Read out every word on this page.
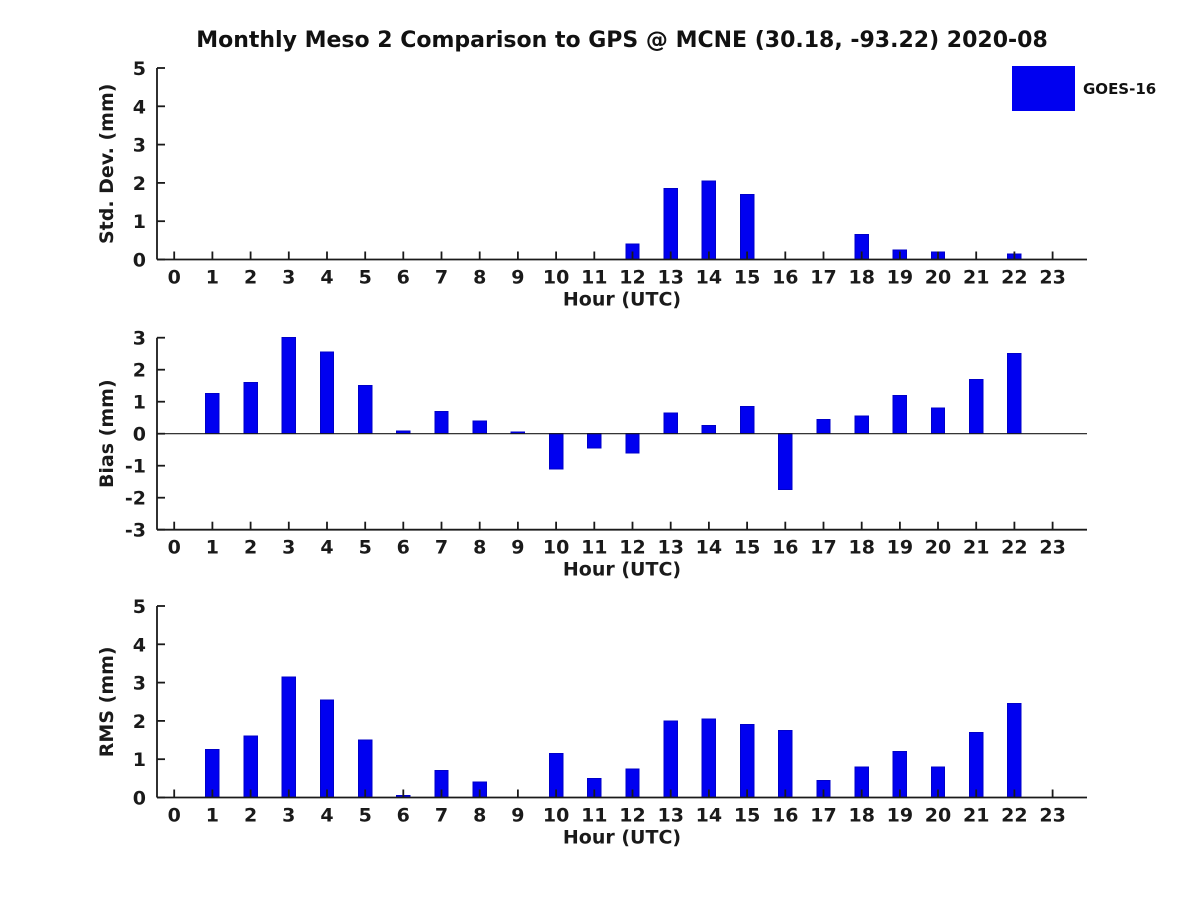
Monthly Meso 2 Comparison to GPS @ MCNE (30.18, -93.22) 2020-08
0
1
2
3
4
5
0 1 2 3 4 5 6 7 8 9 10 11 12 13 14 15 16 17 18 19 20 21 22 23
Hour (UTC)
Std. Dev. (mm)
-3
-2
-1
0
1
2
3
0 1 2 3 4 5 6 7 8 9 10 11 12 13 14 15 16 17 18 19 20 21 22 23
Hour (UTC)
Bias (mm)
0
1
2
3
4
5
0 1 2 3 4 5 6 7 8 9 10 11 12 13 14 15 16 17 18 19 20 21 22 23
Hour (UTC)
RMS (mm)
GOES-16
